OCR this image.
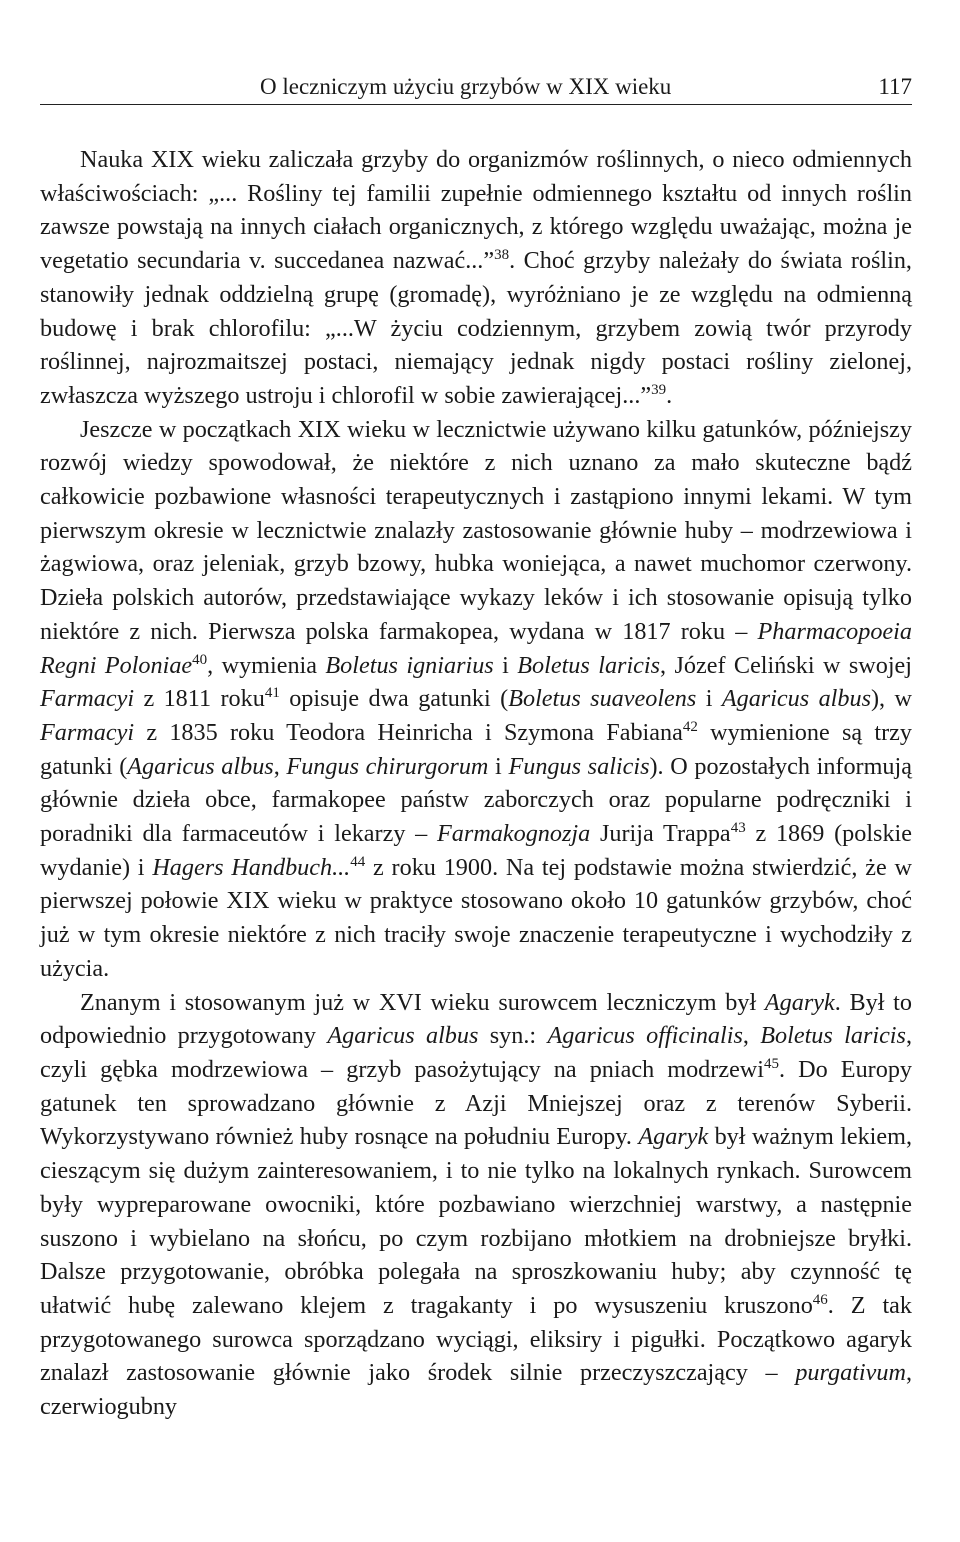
O leczniczym użyciu grzybów w XIX wieku	117

Nauka XIX wieku zaliczała grzyby do organizmów roślinnych, o nieco odmiennych właściwościach: „... Rośliny tej familii zupełnie odmiennego kształtu od innych roślin zawsze powstają na innych ciałach organicznych, z którego względu uważając, można je vegetatio secundaria v. succedanea nazwać...”$^{38}$. Choć grzyby należały do świata roślin, stanowiły jednak oddzielną grupę (gromadę), wyróżniano je ze względu na odmienną budowę i brak chlorofilu: „...W życiu codziennym, grzybem zowią twór przyrody roślinnej, najrozmaitszej postaci, niemający jednak nigdy postaci rośliny zielonej, zwłaszcza wyższego ustroju i chlorofil w sobie zawierającej...”$^{39}$.

Jeszcze w początkach XIX wieku w lecznictwie używano kilku gatunków, późniejszy rozwój wiedzy spowodował, że niektóre z nich uznano za mało skuteczne bądź całkowicie pozbawione własności terapeutycznych i zastąpiono innymi lekami. W tym pierwszym okresie w lecznictwie znalazły zastosowanie głównie huby – modrzewiowa i żagwiowa, oraz jeleniak, grzyb bzowy, hubka woniejąca, a nawet muchomor czerwony. Dzieła polskich autorów, przedstawiające wykazy leków i ich stosowanie opisują tylko niektóre z nich. Pierwsza polska farmakopea, wydana w 1817 roku – Pharmacopoeia Regni Poloniae$^{40}$, wymienia Boletus igniarius i Boletus laricis, Józef Celiński w swojej Farmacyi z 1811 roku$^{41}$ opisuje dwa gatunki (Boletus suaveolens i Agaricus albus), w Farmacyi z 1835 roku Teodora Heinricha i Szymona Fabiana$^{42}$ wymienione są trzy gatunki (Agaricus albus, Fungus chirurgorum i Fungus salicis). O pozostałych informują głównie dzieła obce, farmakopee państw zaborczych oraz popularne podręczniki i poradniki dla farmaceutów i lekarzy – Farmakognozja Jurija Trappa$^{43}$ z 1869 (polskie wydanie) i Hagers Handbuch...$^{44}$ z roku 1900. Na tej podstawie można stwierdzić, że w pierwszej połowie XIX wieku w praktyce stosowano około 10 gatunków grzybów, choć już w tym okresie niektóre z nich traciły swoje znaczenie terapeutyczne i wychodziły z użycia.

Znanym i stosowanym już w XVI wieku surowcem leczniczym był Agaryk. Był to odpowiednio przygotowany Agaricus albus syn.: Agaricus officinalis, Boletus laricis, czyli gębka modrzewiowa – grzyb pasożytujący na pniach modrzewi$^{45}$. Do Europy gatunek ten sprowadzano głównie z Azji Mniejszej oraz z terenów Syberii. Wykorzystywano również huby rosnące na południu Europy. Agaryk był ważnym lekiem, cieszącym się dużym zainteresowaniem, i to nie tylko na lokalnych rynkach. Surowcem były wypreparowane owocniki, które pozbawiano wierzchniej warstwy, a następnie suszono i wybielano na słońcu, po czym rozbijano młotkiem na drobniejsze bryłki. Dalsze przygotowanie, obróbka polegała na sproszkowaniu huby; aby czynność tę ułatwić hubę zalewano klejem z tragakanty i po wysuszeniu kruszono$^{46}$. Z tak przygotowanego surowca sporządzano wyciągi, eliksiry i pigułki. Początkowo agaryk znalazł zastosowanie głównie jako środek silnie przeczyszczający – purgativum, czerwiogubny
